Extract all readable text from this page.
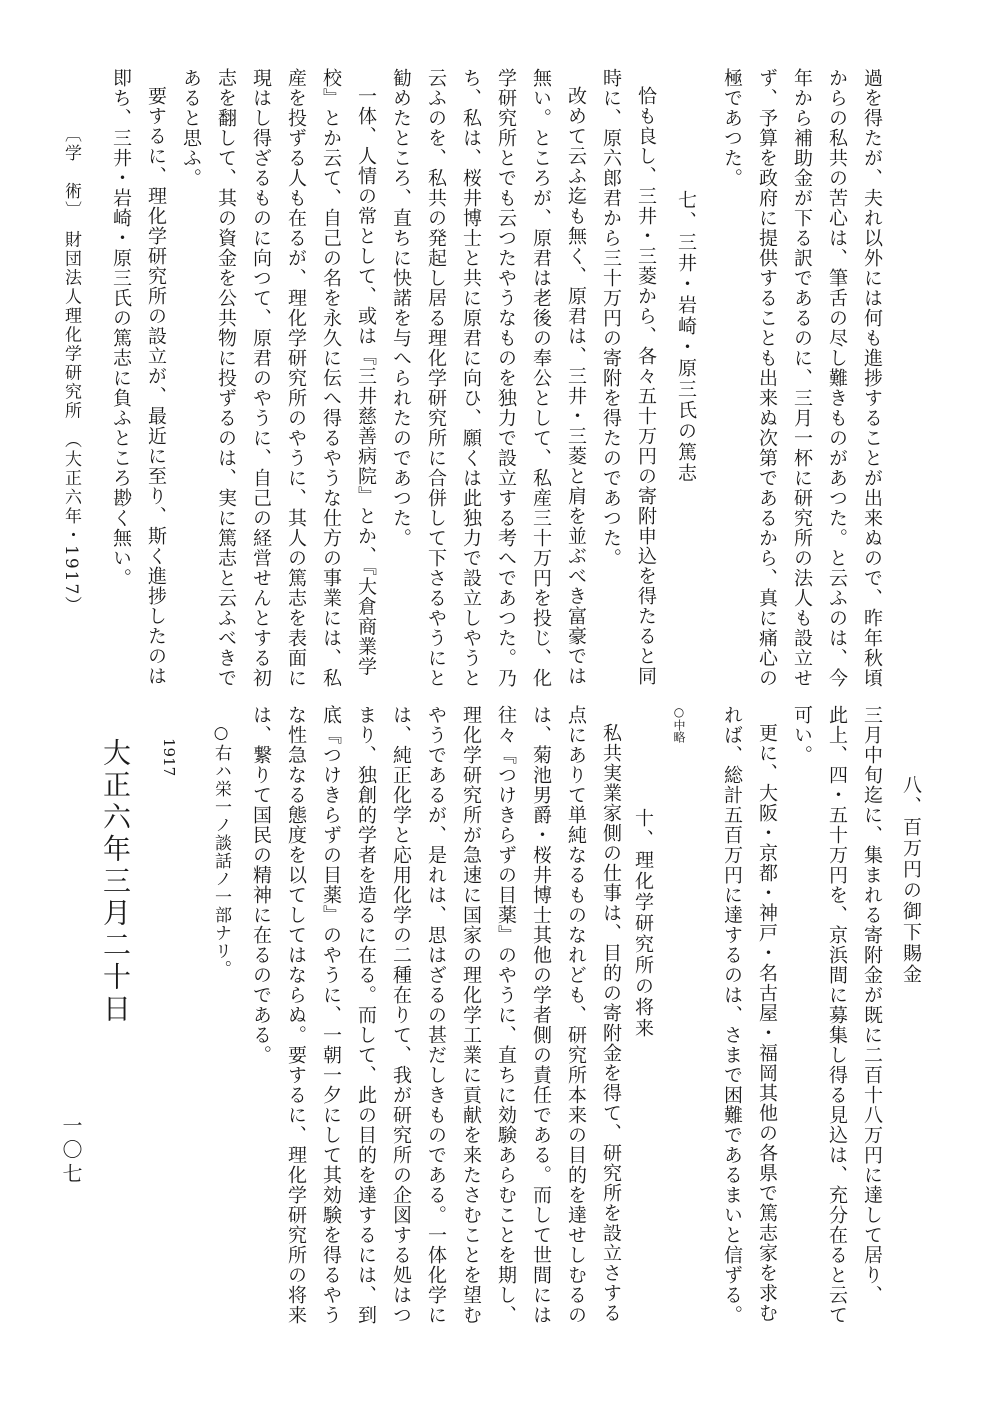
過を得たが、夫れ以外には何も進捗することが出来ぬので、昨年秋頃
からの私共の苦心は、筆舌の尽し難きものがあつた。と云ふのは、今
年から補助金が下る訳であるのに、三月一杯に研究所の法人も設立せ
ず、予算を政府に提供することも出来ぬ次第であるから、真に痛心の
極であつた。
七、三井・岩崎・原三氏の篤志
恰も良し、三井・三菱から、各々五十万円の寄附申込を得たると同
時に、原六郎君から三十万円の寄附を得たのであつた。
改めて云ふ迄も無く、原君は、三井・三菱と肩を並ぶべき富豪では
無い。ところが、原君は老後の奉公として、私産三十万円を投じ、化
学研究所とでも云つたやうなものを独力で設立する考へであつた。乃
ち、私は、桜井博士と共に原君に向ひ、願くは此独力で設立しやうと
云ふのを、私共の発起し居る理化学研究所に合併して下さるやうにと
勧めたところ、直ちに快諾を与へられたのであつた。
一体、人情の常として、或は『三井慈善病院』とか、『大倉商業学
校』とか云て、自己の名を永久に伝へ得るやうな仕方の事業には、私
産を投ずる人も在るが、理化学研究所のやうに、其人の篤志を表面に
現はし得ざるものに向つて、原君のやうに、自己の経営せんとする初
志を翻して、其の資金を公共物に投ずるのは、実に篤志と云ふべきで
あると思ふ。
要するに、理化学研究所の設立が、最近に至り、斯く進捗したのは
即ち、三井・岩崎・原三氏の篤志に負ふところ尠く無い。
〔学　術〕　財団法人理化学研究所　（大正六年・1917）
八、百万円の御下賜金
三月中旬迄に、集まれる寄附金が既に二百十八万円に達して居り、
此上、四・五十万円を、京浜間に募集し得る見込は、充分在ると云て
可い。
更に、大阪・京都・神戸・名古屋・福岡其他の各県で篤志家を求む
れば、総計五百万円に達するのは、さまで困難であるまいと信ずる。
○中略
十、理化学研究所の将来
私共実業家側の仕事は、目的の寄附金を得て、研究所を設立さする
点にありて単純なるものなれども、研究所本来の目的を達せしむるの
は、菊池男爵・桜井博士其他の学者側の責任である。而して世間には
往々『つけきらずの目薬』のやうに、直ちに効験あらむことを期し、
理化学研究所が急速に国家の理化学工業に貢献を来たさむことを望む
やうであるが、是れは、思はざるの甚だしきものである。一体化学に
は、純正化学と応用化学の二種在りて、我が研究所の企図する処はつ
まり、独創的学者を造るに在る。而して、此の目的を達するには、到
底『つけきらずの目薬』のやうに、一朝一夕にして其効験を得るやう
な性急なる態度を以てしてはならぬ。要するに、理化学研究所の将来
は、繋りて国民の精神に在るのである。
○右ハ栄一ノ談話ノ一部ナリ。
1917
大正六年三月二十日
一〇七
